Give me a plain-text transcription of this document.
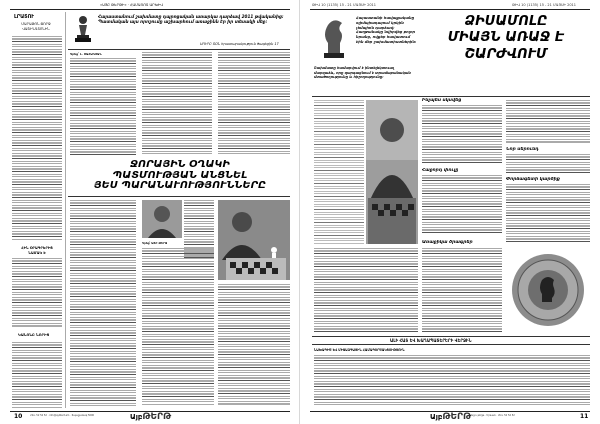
«ԱՅԲ ԹԵՐԹԻ» · ՀԱՄԱՌՈՏ ԱՐԽԻՎ
ԼՐԱՏՈՒ
ՄԱՐԱԹՈՆ ՋՈՐՋ ՎԱՇԻՆԳՏՈՆԻՆ
ՀԻՆ ՕՐԱԳՐԵՐԻՑ ՆԱՄԱԿ Է
ԿԱՆՈՆԸ ՆՈՐԻՑ
Հայաստանում շախմատը դպրոցական առարկա դարձավ 2011 թվականից: Պատմական այս որոշումը աշխարհում առաջինն էր իր տեսակի մեջ:
ՍՈՒՐԲ ՏՕՆ հրատարակություն ծագեցին 17
Գրեց՝ Լ. ՍԱՀԱԿՅԱՆ
ՋՈՐԱՅԻՆ ՕՂԱԿԻ
ՊԱՏՄՈՒԹՅԱՆ ԱՆՑՆԵԼ
ՅԵՍ ՊԱՐԱՆԱՒՈՒԹՅՈՒՆՆԵՐԸ
Գրեց՝ ԱՅԲ ԹԵՐԹ
10	Հեռ. 52 52 52 · info@aybtert.am · Տպաքանակ 5000	ԱյբԹԵՐԹ
ԹԻՎ 10 (1135) 15 - 21 ՄԱՅՍԻ 2011	ԹԻՎ 10 (1135) 15 - 21 ՄԱՅՍԻ 2011
Հայաստանի հավաքականը օլիմպիադայում կրկին չեմպիոն դարձավ: Հաղթանակը նվիրվեց բոլոր նրանց, ովքեր հավատում էին մեր շախմատիստներին:
ՁԻՍԱՄՈԼԸ
ՄԻԱՅՆ ԱՌԱՋ Է
ՇԱՐԺՎՈՒՄ
Շախմատը համարվում է ինտելեկտուալ մարզաձև, որը զարգացնում է տրամաբանական մտածողությունը և հիշողությունը:
Ինչպես սկսվեց
Հաջորդ փուլը
Նոր սերունդ
Փորձագետի կարծիք
Առաջիկա ծրագրեր
ԱԼԻ ՀԱՏ ԵՎ ԽԱՂԱՊԱՏԵՐԵՐԻ ՎԵՐՋԻՆ
ՆԱԽԱԳԻԾ ԵՎ ՄԻՋԱԶԳԱՅԻՆ ՀԱՄԱԳՈՐԾԱԿՑՈՒԹՅՈՒՆ
ԱյբԹԵՐԹ
«Այբ» թերթ · Երևան · Հեռ. 52 52 52	11
